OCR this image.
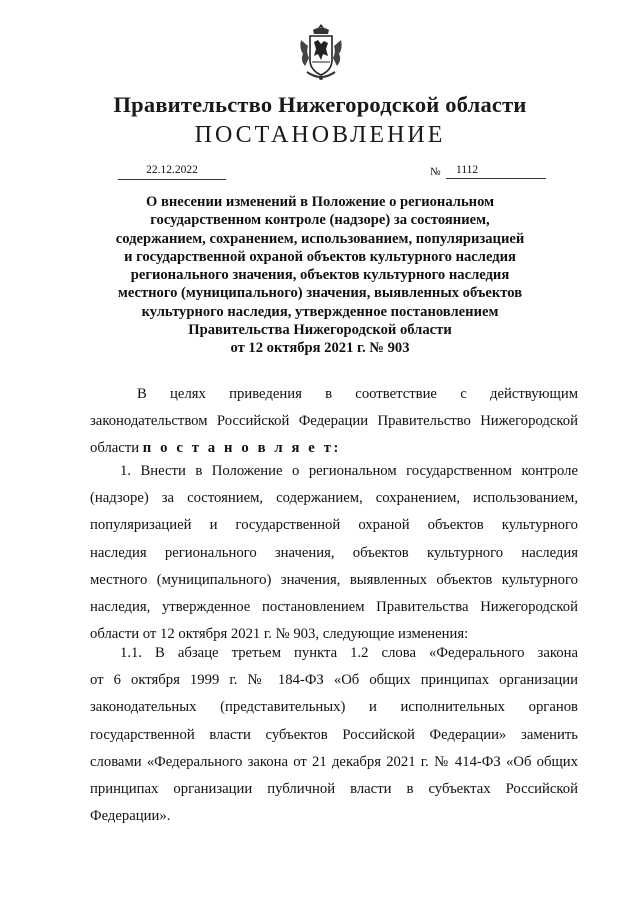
Правительство Нижегородской области
ПОСТАНОВЛЕНИЕ
22.12.2022	№	1112
О внесении изменений в Положение о региональном
государственном контроле (надзоре) за состоянием,
содержанием, сохранением, использованием, популяризацией
и государственной охраной объектов культурного наследия
регионального значения, объектов культурного наследия
местного (муниципального) значения, выявленных объектов
культурного наследия, утвержденное постановлением
Правительства Нижегородской области
от 12 октября 2021 г. № 903
В целях приведения в соответствие с действующим
законодательством Российской Федерации Правительство Нижегородской
области п о с т а н о в л я е т:
1. Внести в Положение о региональном государственном контроле
(надзоре) за состоянием, содержанием, сохранением, использованием,
популяризацией и государственной охраной объектов культурного
наследия регионального значения, объектов культурного наследия
местного (муниципального) значения, выявленных объектов культурного
наследия, утвержденное постановлением Правительства Нижегородской
области от 12 октября 2021 г. № 903, следующие изменения:
1.1. В абзаце третьем пункта 1.2 слова «Федерального закона
от 6 октября 1999 г. № 184-ФЗ «Об общих принципах организации
законодательных (представительных) и исполнительных органов
государственной власти субъектов Российской Федерации» заменить
словами «Федерального закона от 21 декабря 2021 г. № 414-ФЗ «Об общих
принципах организации публичной власти в субъектах Российской
Федерации».
